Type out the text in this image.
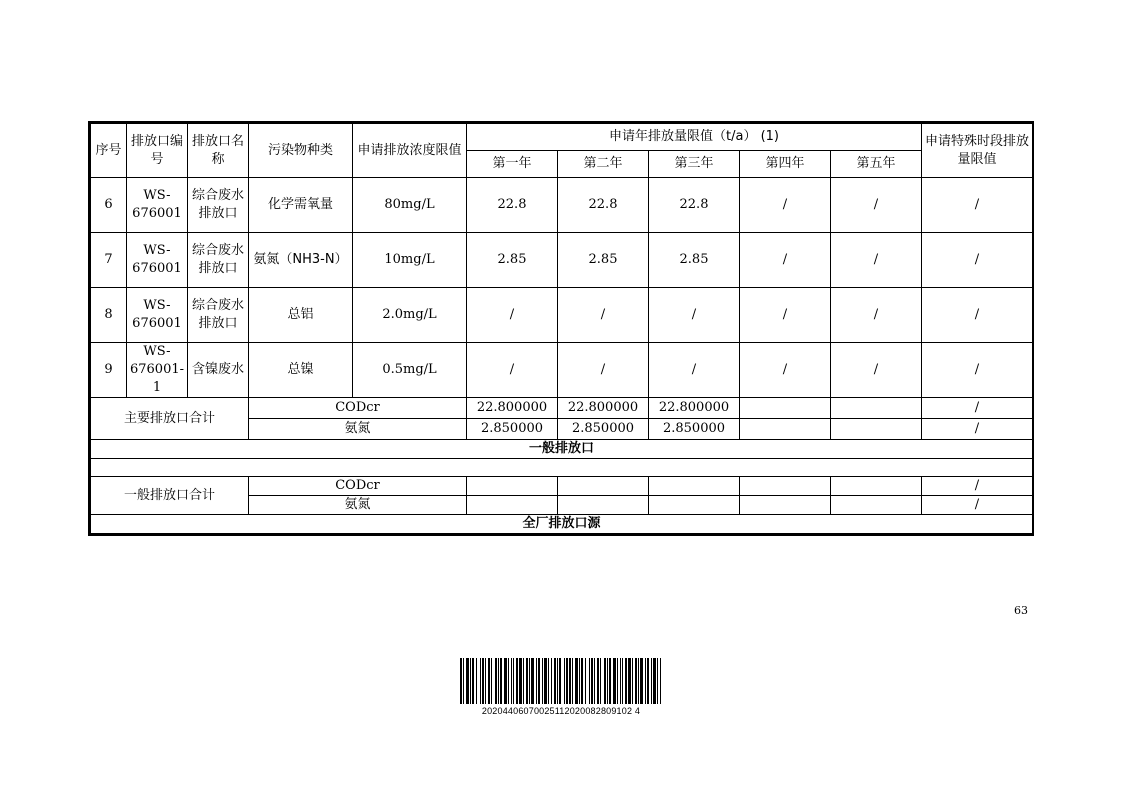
序号	排放口编号	排放口名称	污染物种类	申请排放浓度限值	申请年排放量限值（t/a） (1)					申请特殊时段排放量限值
					第一年	第二年	第三年	第四年	第五年	
6	WS-676001	综合废水排放口	化学需氧量	80mg/L	22.8	22.8	22.8	/	/	/
7	WS-676001	综合废水排放口	氨氮（NH3-N）	10mg/L	2.85	2.85	2.85	/	/	/
8	WS-676001	综合废水排放口	总铝	2.0mg/L	/	/	/	/	/	/
9	WS-676001-1	含镍废水	总镍	0.5mg/L	/	/	/	/	/	/
主要排放口合计			CODcr		22.800000	22.800000	22.800000			/
			氨氮		2.850000	2.850000	2.850000			/
一般排放口										

一般排放口合计			CODcr							/
			氨氮							/
全厂排放口源										
63
20204406070025112020082809102 4
